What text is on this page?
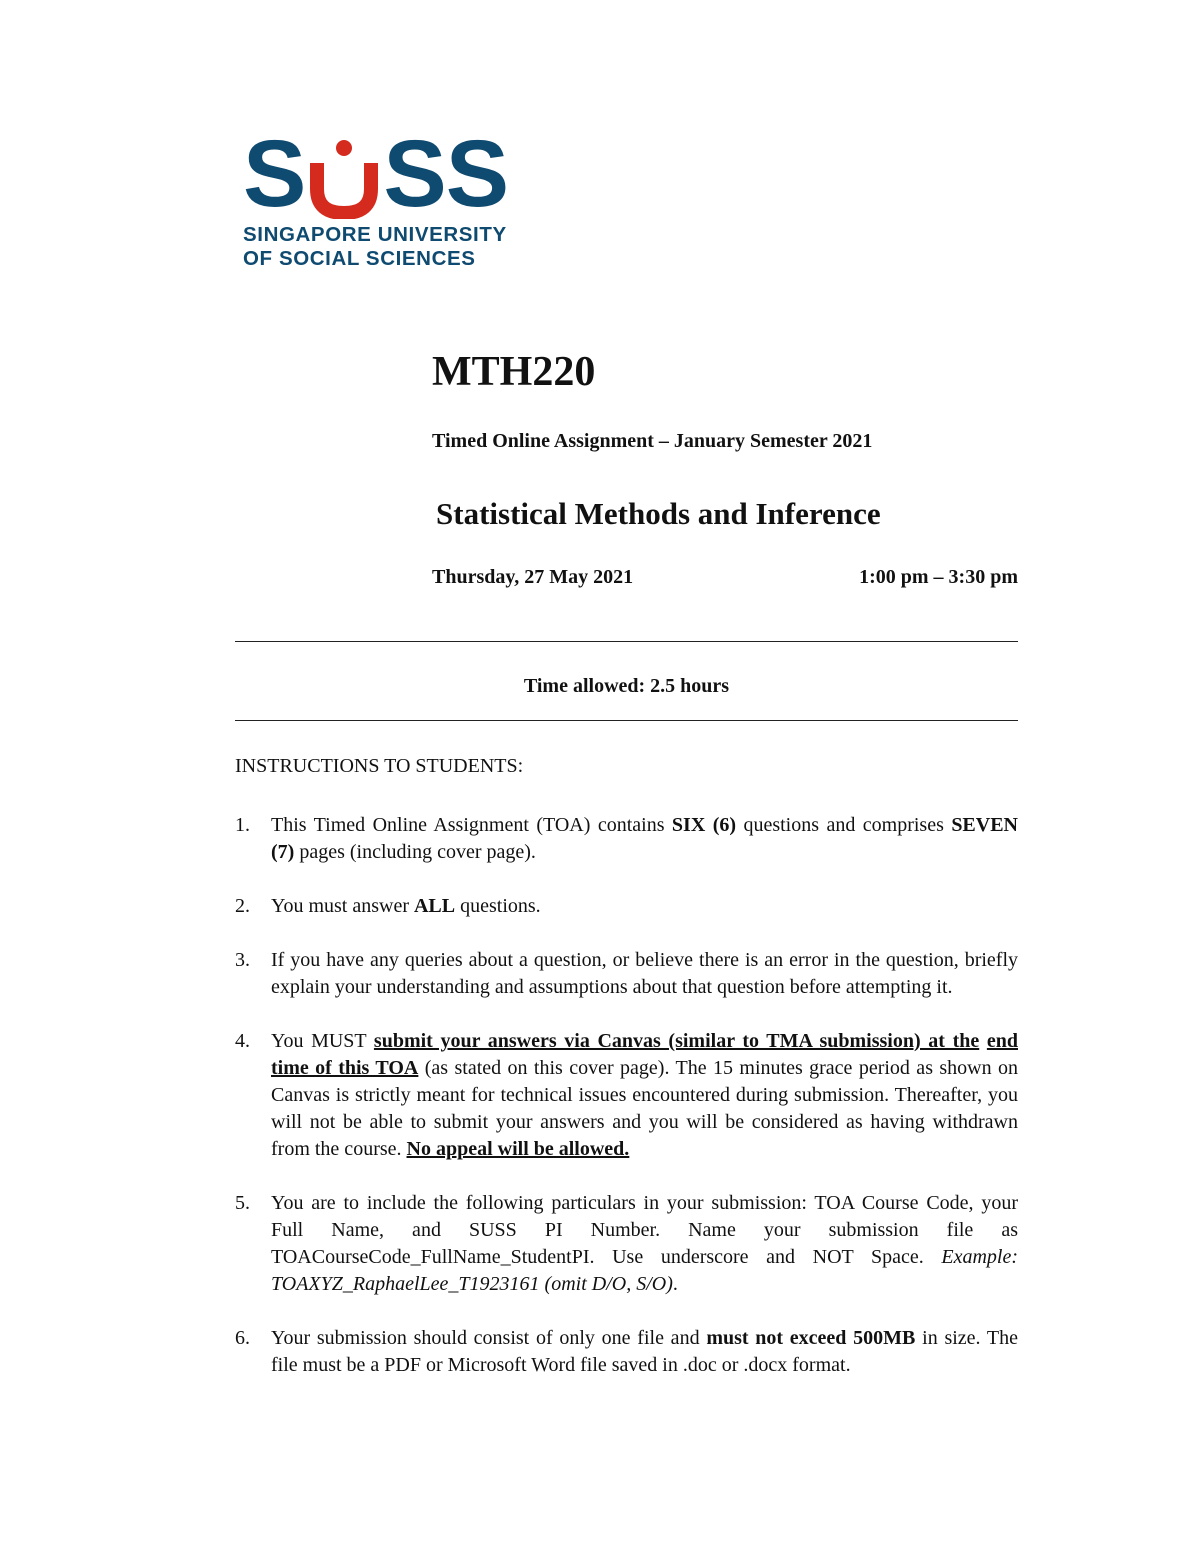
S S S
SINGAPORE UNIVERSITY
OF SOCIAL SCIENCES
MTH220
Timed Online Assignment – January Semester 2021
Statistical Methods and Inference
Thursday, 27 May 2021	1:00 pm – 3:30 pm
Time allowed: 2.5 hours
INSTRUCTIONS TO STUDENTS:
1.	This Timed Online Assignment (TOA) contains SIX (6) questions and comprises SEVEN (7) pages (including cover page).
2.	You must answer ALL questions.
3.	If you have any queries about a question, or believe there is an error in the question, briefly explain your understanding and assumptions about that question before attempting it.
4.	You MUST submit your answers via Canvas (similar to TMA submission) at the end time of this TOA (as stated on this cover page). The 15 minutes grace period as shown on Canvas is strictly meant for technical issues encountered during submission. Thereafter, you will not be able to submit your answers and you will be considered as having withdrawn from the course. No appeal will be allowed.
5.	You are to include the following particulars in your submission: TOA Course Code, your Full Name, and SUSS PI Number. Name your submission file as TOACourseCode_FullName_StudentPI. Use underscore and NOT Space. Example: TOAXYZ_RaphaelLee_T1923161 (omit D/O, S/O).
6.	Your submission should consist of only one file and must not exceed 500MB in size. The file must be a PDF or Microsoft Word file saved in .doc or .docx format.
